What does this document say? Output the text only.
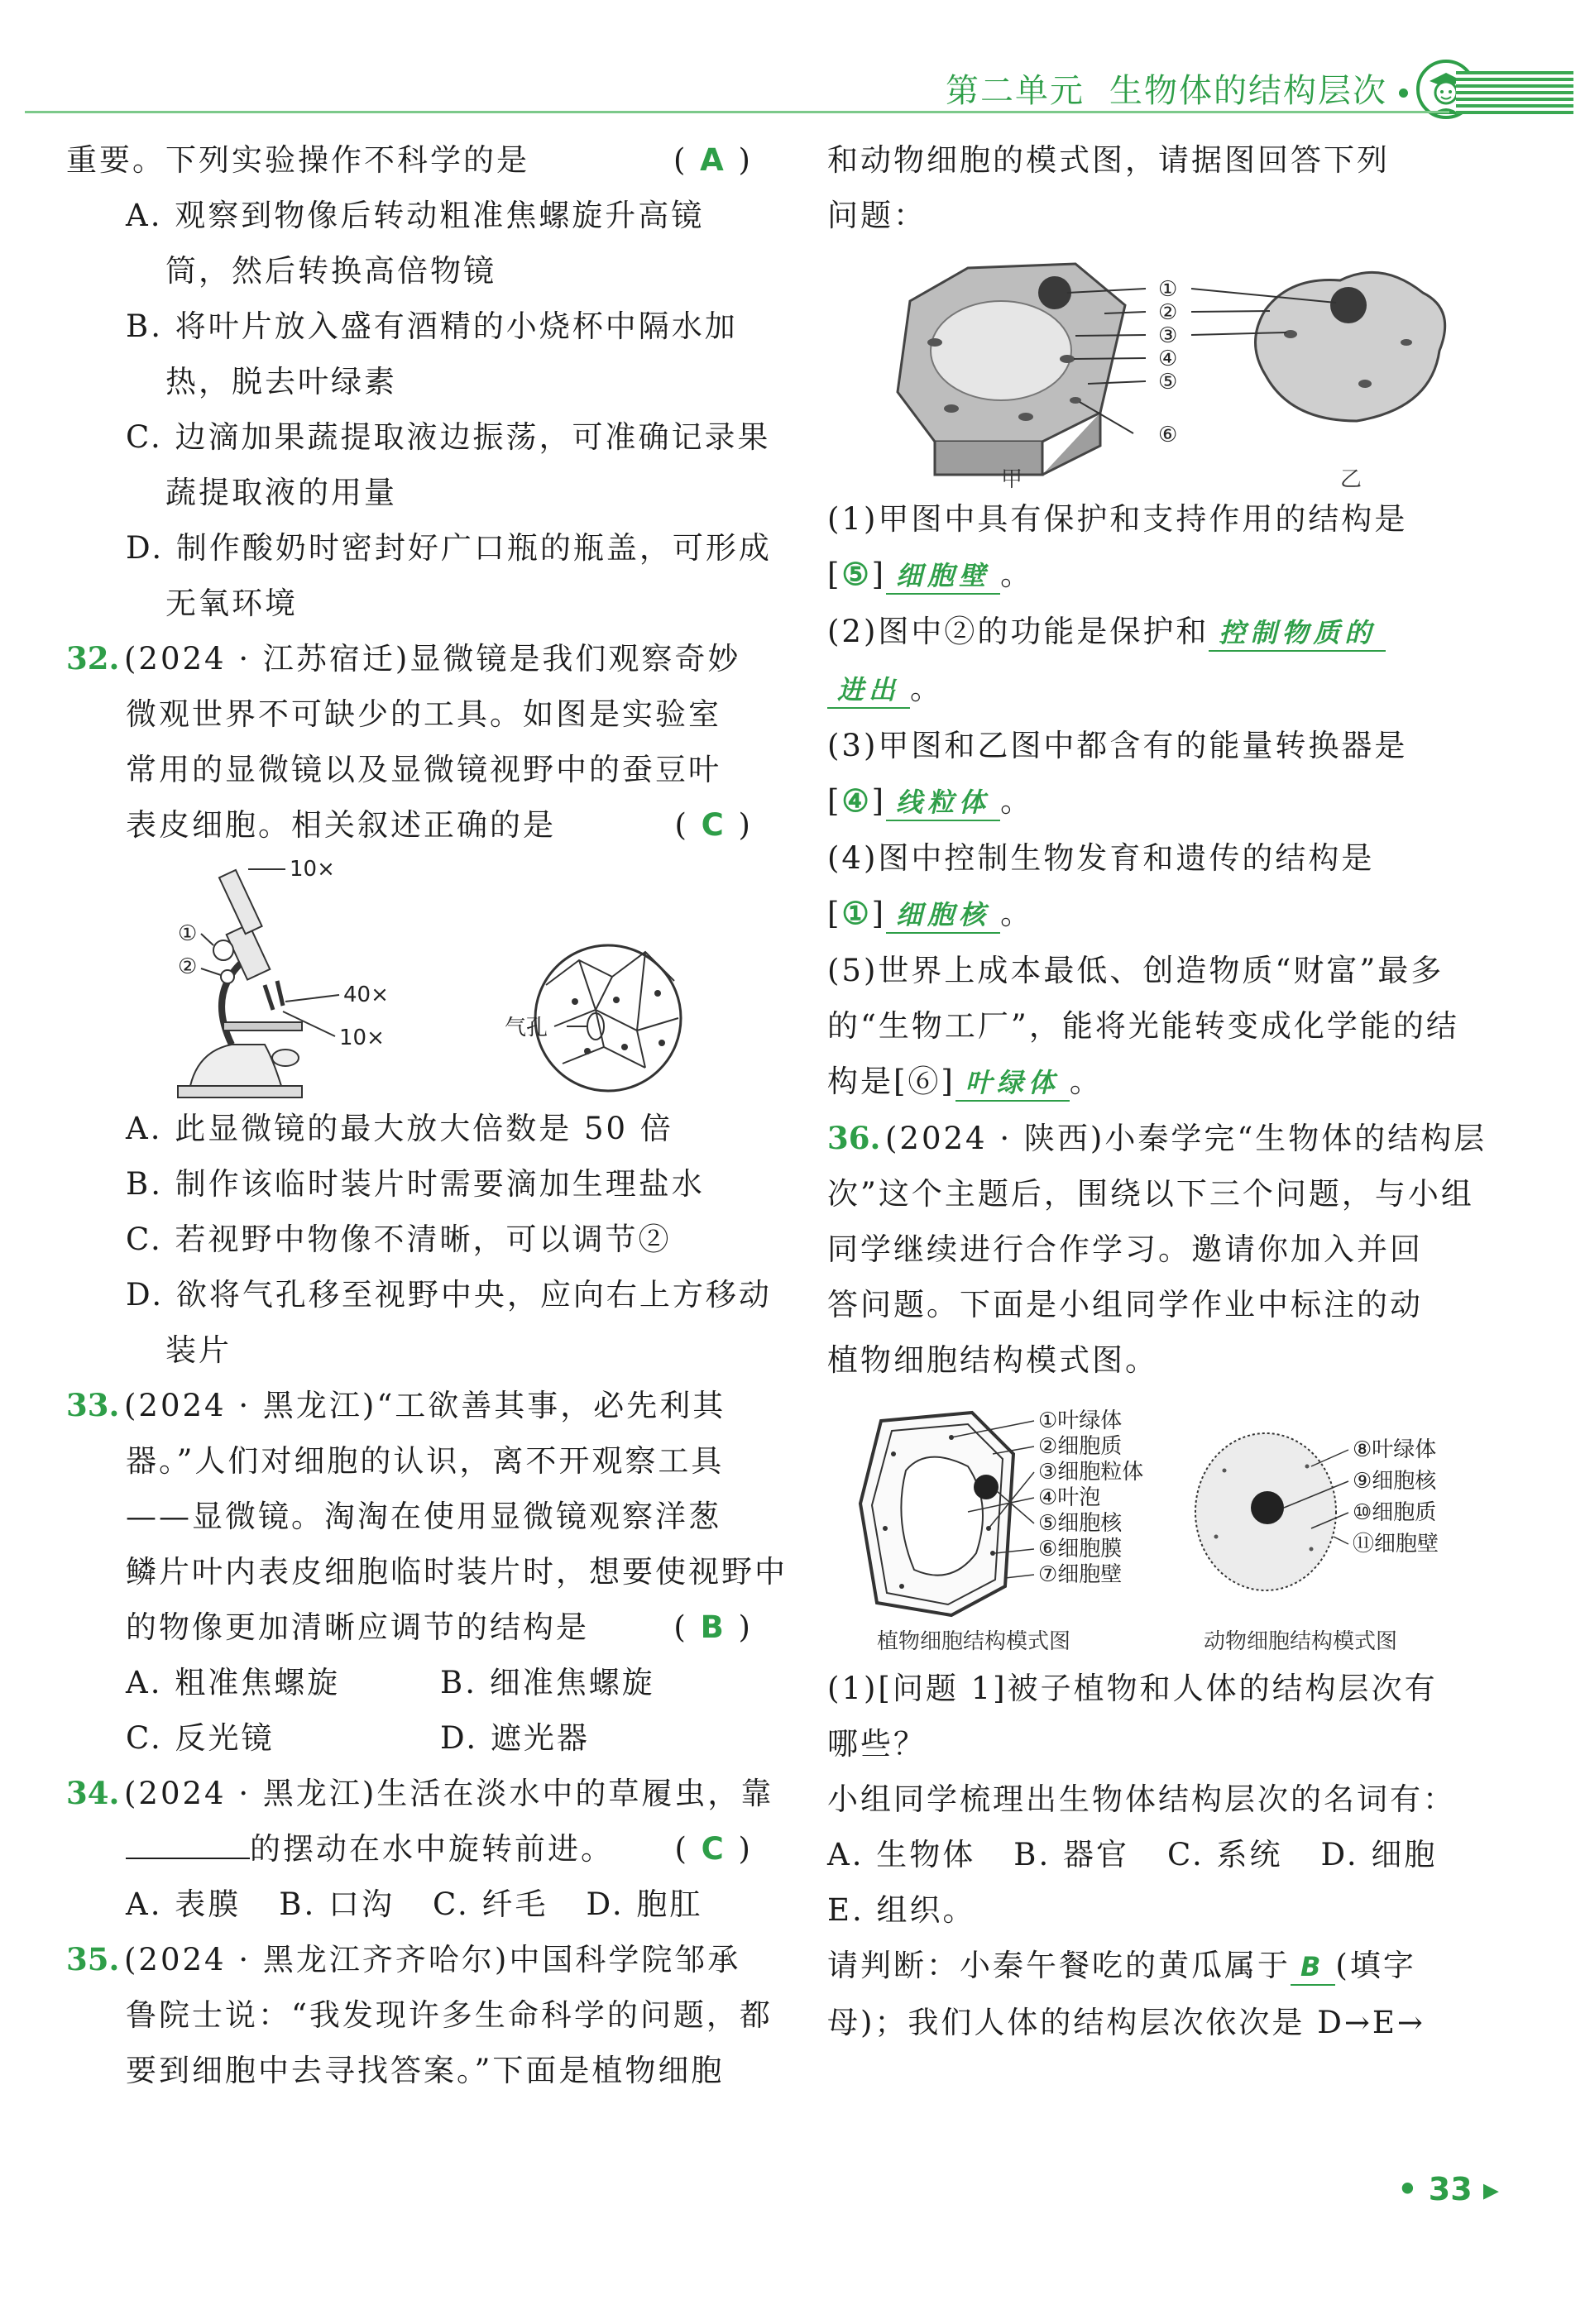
第二单元 生物体的结构层次
重要。下列实验操作不科学的是	( A )
A. 观察到物像后转动粗准焦螺旋升高镜
筒，然后转换高倍物镜
B. 将叶片放入盛有酒精的小烧杯中隔水加
热，脱去叶绿素
C. 边滴加果蔬提取液边振荡，可准确记录果
蔬提取液的用量
D. 制作酸奶时密封好广口瓶的瓶盖，可形成
无氧环境
32. (2024 · 江苏宿迁)显微镜是我们观察奇妙
微观世界不可缺少的工具。如图是实验室
常用的显微镜以及显微镜视野中的蚕豆叶
表皮细胞。相关叙述正确的是	( C )
10×
40×
10×
①
②
气孔
A. 此显微镜的最大放大倍数是 50 倍
B. 制作该临时装片时需要滴加生理盐水
C. 若视野中物像不清晰，可以调节②
D. 欲将气孔移至视野中央，应向右上方移动
装片
33. (2024 · 黑龙江)“工欲善其事，必先利其
器。”人们对细胞的认识，离不开观察工具
——显微镜。淘淘在使用显微镜观察洋葱
鳞片叶内表皮细胞临时装片时，想要使视野中
的物像更加清晰应调节的结构是	( B )
A. 粗准焦螺旋	B. 细准焦螺旋
C. 反光镜	D. 遮光器
34. (2024 · 黑龙江)生活在淡水中的草履虫，靠
的摆动在水中旋转前进。 ( C )
A. 表膜 B. 口沟 C. 纤毛 D. 胞肛
35. (2024 · 黑龙江齐齐哈尔)中国科学院邹承
鲁院士说：“我发现许多生命科学的问题，都
要到细胞中去寻找答案。”下面是植物细胞
和动物细胞的模式图，请据图回答下列
问题：
①
②
③
④
⑤
⑥
甲	乙
(1)甲图中具有保护和支持作用的结构是
[⑤] 细胞壁 。
(2)图中②的功能是保护和 控制物质的
进出 。
(3)甲图和乙图中都含有的能量转换器是
[④] 线粒体 。
(4)图中控制生物发育和遗传的结构是
[①] 细胞核 。
(5)世界上成本最低、创造物质“财富”最多
的“生物工厂”，能将光能转变成化学能的结
构是[⑥] 叶绿体 。
36. (2024 · 陕西)小秦学完“生物体的结构层
次”这个主题后，围绕以下三个问题，与小组
同学继续进行合作学习。邀请你加入并回
答问题。下面是小组同学作业中标注的动
植物细胞结构模式图。
①叶绿体
②细胞质
③细胞粒体
④叶泡
⑤细胞核
⑥细胞膜
⑦细胞壁
⑧叶绿体
⑨细胞核
⑩细胞质
⑪细胞壁
植物细胞结构模式图	动物细胞结构模式图
(1)[问题 1]被子植物和人体的结构层次有
哪些？
小组同学梳理出生物体结构层次的名词有：
A. 生物体 B. 器官 C. 系统 D. 细胞
E. 组织。
请判断：小秦午餐吃的黄瓜属于 B (填字
母)；我们人体的结构层次依次是 D→E→
• 33 ▸
